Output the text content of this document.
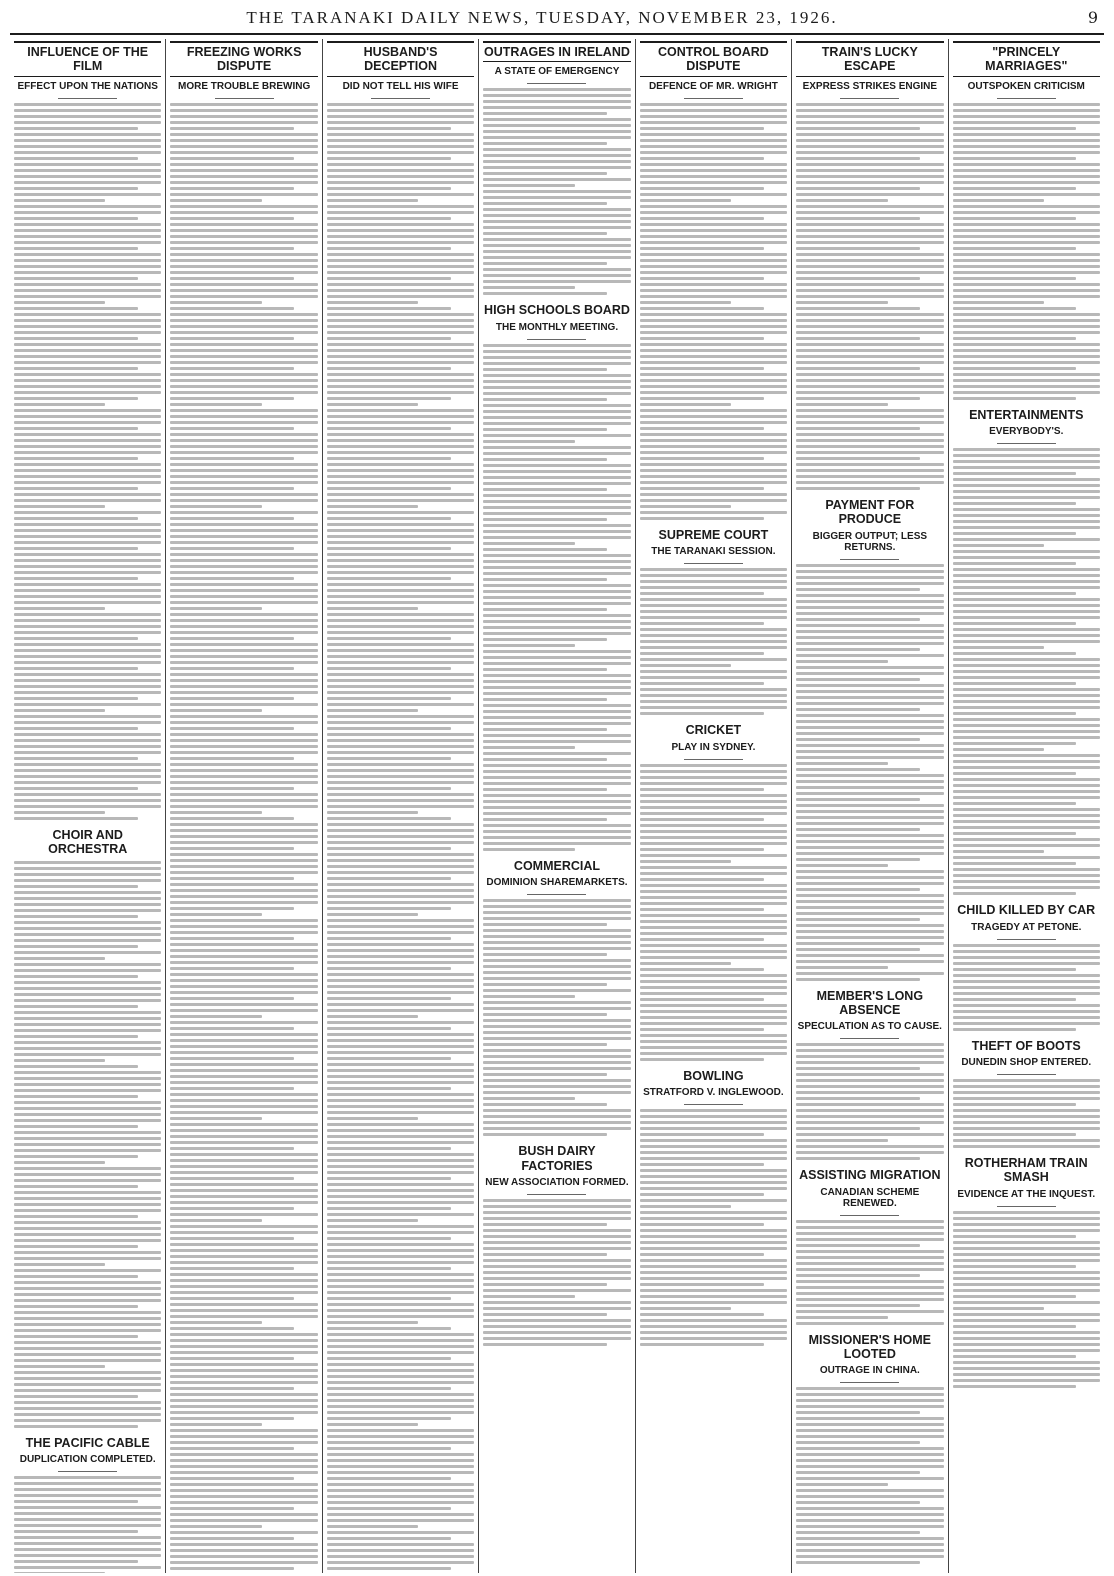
THE TARANAKI DAILY NEWS, TUESDAY, NOVEMBER 23, 1926.	9
INFLUENCE OF THE FILM
EFFECT UPON THE NATIONS
CHOIR AND ORCHESTRA
THE PACIFIC CABLE
DUPLICATION COMPLETED.
FREEZING WORKS DISPUTE
MORE TROUBLE BREWING
HUSBAND'S DECEPTION
DID NOT TELL HIS WIFE
OUTRAGES IN IRELAND
A STATE OF EMERGENCY
HIGH SCHOOLS BOARD
THE MONTHLY MEETING.
COMMERCIAL
DOMINION SHAREMARKETS.
BUSH DAIRY FACTORIES
NEW ASSOCIATION FORMED.
CONTROL BOARD DISPUTE
DEFENCE OF MR. WRIGHT
SUPREME COURT
THE TARANAKI SESSION.
CRICKET
PLAY IN SYDNEY.
BOWLING
STRATFORD V. INGLEWOOD.
TRAIN'S LUCKY ESCAPE
EXPRESS STRIKES ENGINE
PAYMENT FOR PRODUCE
BIGGER OUTPUT; LESS RETURNS.
MEMBER'S LONG ABSENCE
SPECULATION AS TO CAUSE.
ASSISTING MIGRATION
CANADIAN SCHEME RENEWED.
MISSIONER'S HOME LOOTED
OUTRAGE IN CHINA.
"PRINCELY MARRIAGES"
OUTSPOKEN CRITICISM
ENTERTAINMENTS
EVERYBODY'S.
CHILD KILLED BY CAR
TRAGEDY AT PETONE.
THEFT OF BOOTS
DUNEDIN SHOP ENTERED.
ROTHERHAM TRAIN SMASH
EVIDENCE AT THE INQUEST.
